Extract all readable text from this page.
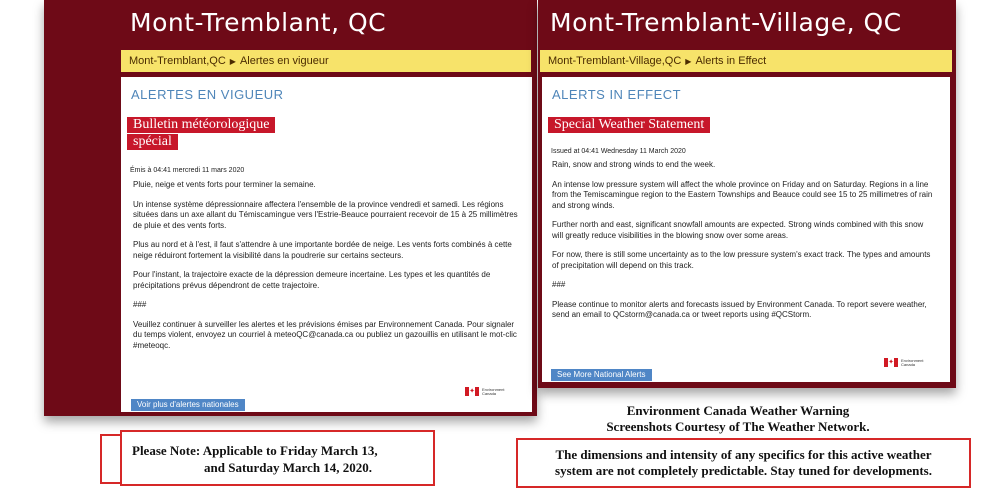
Mont-Tremblant, QC
Mont-Tremblant,QC ▶ Alertes en vigueur
ALERTES EN VIGUEUR
Bulletin météorologique
spécial
Émis à 04:41 mercredi 11 mars 2020

Pluie, neige et vents forts pour terminer la semaine.

Un intense système dépressionnaire affectera l'ensemble de la province vendredi et samedi. Les régions situées dans un axe allant du Témiscamingue vers l'Estrie-Beauce pourraient recevoir de 15 à 25 millimètres de pluie et des vents forts.

Plus au nord et à l'est, il faut s'attendre à une importante bordée de neige. Les vents forts combinés à cette neige réduiront fortement la visibilité dans la poudrerie sur certains secteurs.

Pour l'instant, la trajectoire exacte de la dépression demeure incertaine. Les types et les quantités de précipitations prévus dépendront de cette trajectoire.

###

Veuillez continuer à surveiller les alertes et les prévisions émises par Environnement Canada. Pour signaler du temps violent, envoyez un courriel à meteoQC@canada.ca ou publiez un gazouillis en utilisant le mot-clic #meteoqc.

✦ Environment Canada
Voir plus d'alertes nationales
Mont-Tremblant-Village, QC
Mont-Tremblant-Village,QC ▶ Alerts in Effect
ALERTS IN EFFECT
Special Weather Statement
Issued at 04:41 Wednesday 11 March 2020

Rain, snow and strong winds to end the week.

An intense low pressure system will affect the whole province on Friday and on Saturday. Regions in a line from the Temiscamingue region to the Eastern Townships and Beauce could see 15 to 25 millimetres of rain and strong winds.

Further north and east, significant snowfall amounts are expected. Strong winds combined with this snow will greatly reduce visibilities in the blowing snow over some areas.

For now, there is still some uncertainty as to the low pressure system's exact track. The types and amounts of precipitation will depend on this track.

###

Please continue to monitor alerts and forecasts issued by Environment Canada. To report severe weather, send an email to QCstorm@canada.ca or tweet reports using #QCStorm.

✦ Environment Canada
See More National Alerts
Environment Canada Weather Warning
Screenshots Courtesy of The Weather Network.
Please Note: Applicable to Friday March 13,
and Saturday March 14, 2020.
The dimensions and intensity of any specifics for this active weather
system are not completely predictable. Stay tuned for developments.
